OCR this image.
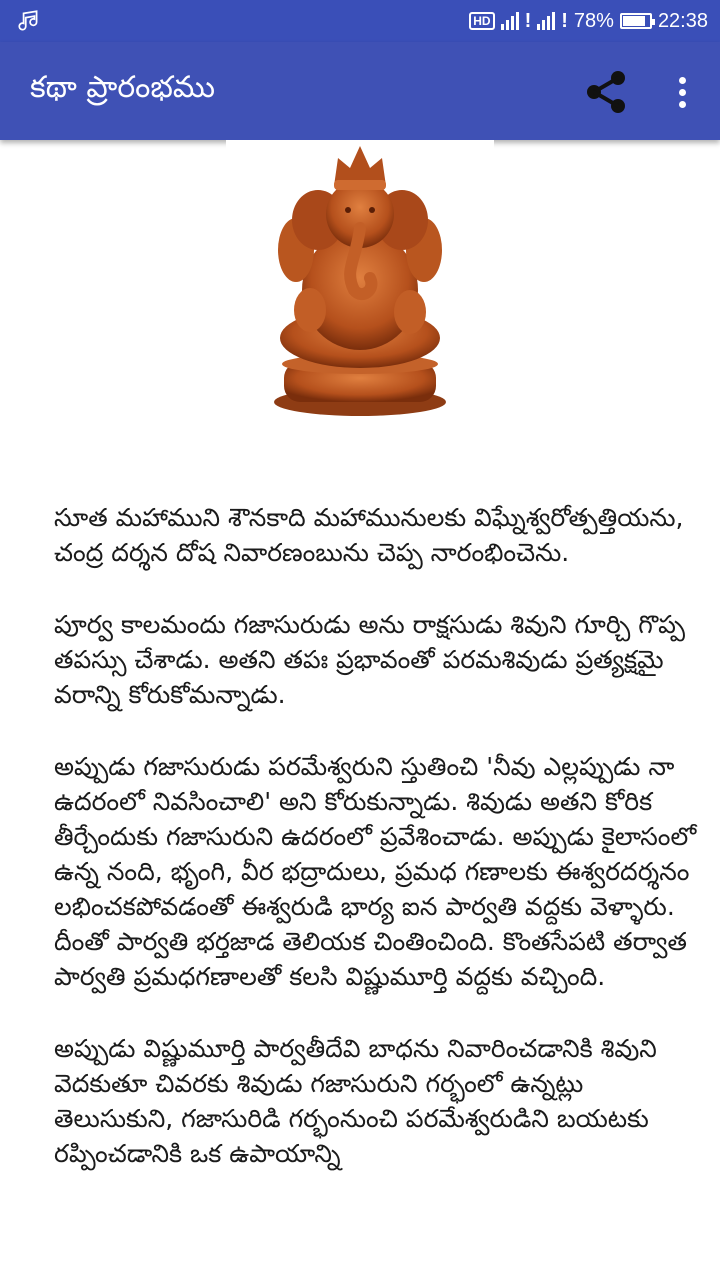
HD ! ! 78% 22:38
కథా ప్రారంభము

సూత మహాముని శౌనకాది మహామునులకు విఘ్నేశ్వరోత్పత్తియను, చంద్ర దర్శన దోష నివారణంబును చెప్ప నారంభించెను.

పూర్వ కాలమందు గజాసురుడు అను రాక్షసుడు శివుని గూర్చి గొప్ప తపస్సు చేశాడు. అతని తపః ప్రభావంతో పరమశివుడు ప్రత్యక్షమై వరాన్ని కోరుకోమన్నాడు.

అప్పుడు గజాసురుడు పరమేశ్వరుని స్తుతించి 'నీవు ఎల్లప్పుడు నా ఉదరంలో నివసించాలి' అని కోరుకున్నాడు. శివుడు అతని కోరిక తీర్చేందుకు గజాసురుని ఉదరంలో ప్రవేశించాడు. అప్పుడు కైలాసంలో ఉన్న నంది, భృంగి, వీర భద్రాదులు, ప్రమధ గణాలకు ఈశ్వరదర్శనం లభించకపోవడంతో ఈశ్వరుడి భార్య ఐన పార్వతి వద్దకు వెళ్ళారు. దీంతో పార్వతి భర్తజాడ తెలియక చింతించింది. కొంతసేపటి తర్వాత పార్వతి ప్రమధగణాలతో కలసి విష్ణుమూర్తి వద్దకు వచ్చింది.

అప్పుడు విష్ణుమూర్తి పార్వతీదేవి బాధను నివారించడానికి శివుని వెదకుతూ చివరకు శివుడు గజాసురుని గర్భంలో ఉన్నట్లు తెలుసుకుని, గజాసురిడి గర్భంనుంచి పరమేశ్వరుడిని బయటకు రప్పించడానికి ఒక ఉపాయాన్ని
